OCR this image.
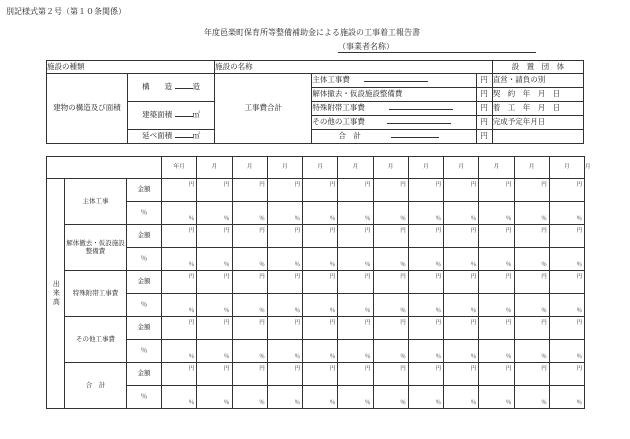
別記様式第２号（第１０条関係）
年度邑楽町保育所等整備補助金による施設の工事着工報告書
（事業者名称）
施設の種類		施設の名称			設　置　団　体
建物の構造及び面積	構　　造 造	工事費合計	主体工事費	円	直営・請負の別
			解体撤去・仮設施設整備費	円	契　約　年　月　日
	建築面積 ㎡		特殊附帯工事費	円	着　工　年　月　日
			その他の工事費	円	完成予定年月日
	延べ面積 ㎡		合　計	円	
			年月	月	月	月	月	月	月	月	月	月	月	月	月
出来高	主体工事	金額	円	円	円	円	円	円	円	円	円	円	円	円	

		％	％	％	％	％	％	％	％	％	％	％	％	％	

	解体撤去・仮設施設整備費	金額	円	円	円	円	円	円	円	円	円	円	円	円	

		％	％	％	％	％	％	％	％	％	％	％	％	％	

	特殊附帯工事費	金額	円	円	円	円	円	円	円	円	円	円	円	円	

		％	％	％	％	％	％	％	％	％	％	％	％	％	

	その他工事費	金額	円	円	円	円	円	円	円	円	円	円	円	円	

		％	％	％	％	％	％	％	％	％	％	％	％	％	

	合　計	金額	円	円	円	円	円	円	円	円	円	円	円	円	

		％	％	％	％	％	％	％	％	％	％	％	％	％	
